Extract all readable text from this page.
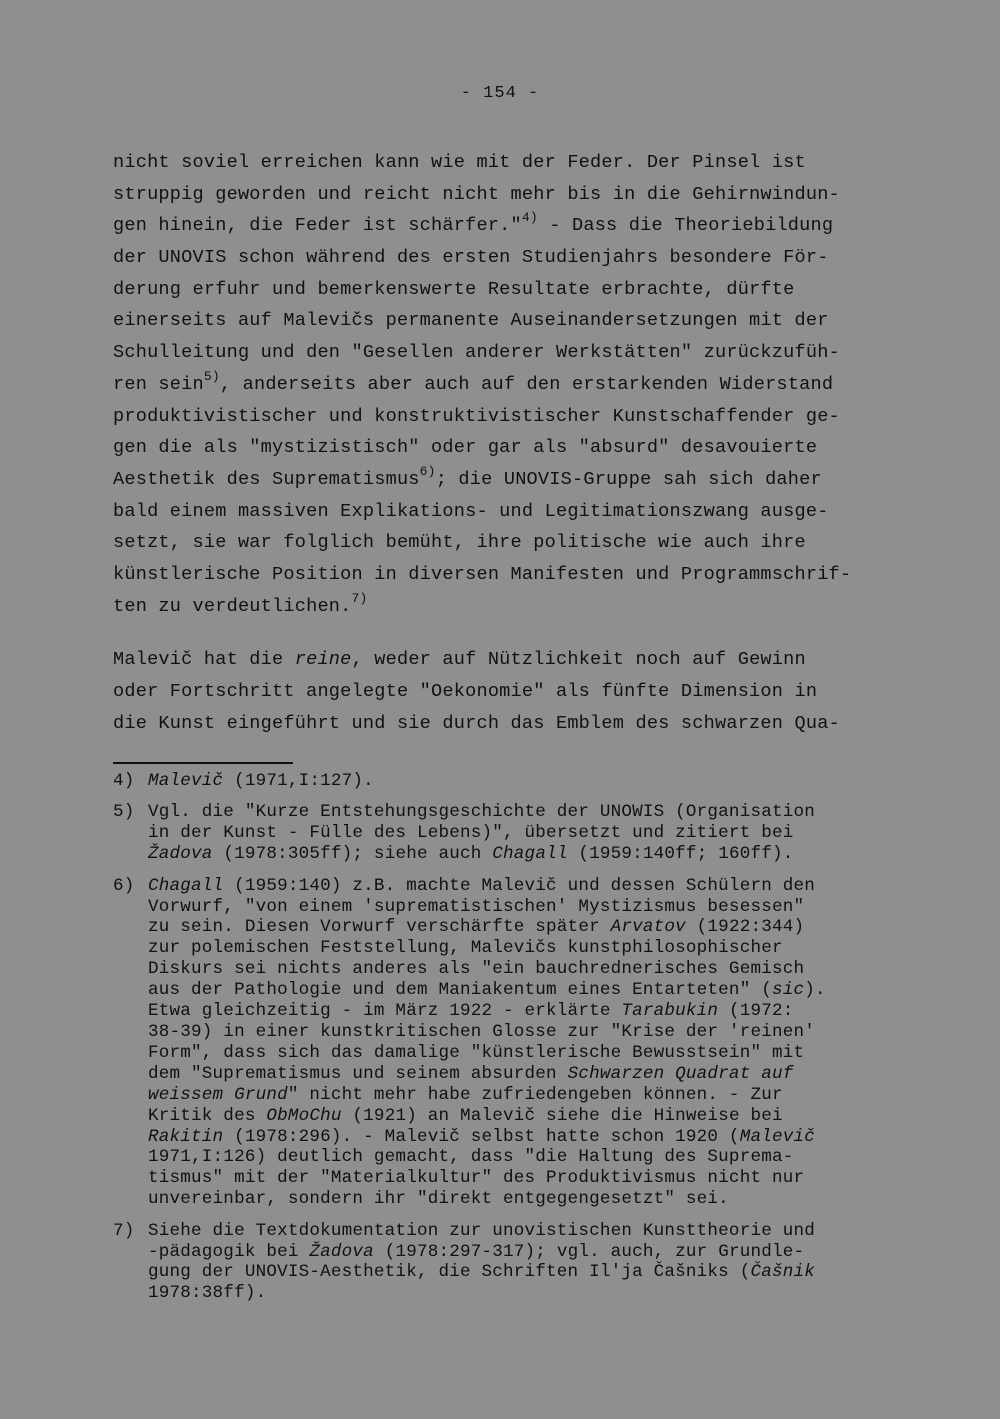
- 154 -
nicht soviel erreichen kann wie mit der Feder. Der Pinsel ist
struppig geworden und reicht nicht mehr bis in die Gehirnwindun-
gen hinein, die Feder ist schärfer."$^{4)}$ - Dass die Theoriebildung
der UNOVIS schon während des ersten Studienjahrs besondere För-
derung erfuhr und bemerkenswerte Resultate erbrachte, dürfte
einerseits auf Malevičs permanente Auseinandersetzungen mit der
Schulleitung und den "Gesellen anderer Werkstätten" zurückzufüh-
ren sein$^{5)}$, anderseits aber auch auf den erstarkenden Widerstand
produktivistischer und konstruktivistischer Kunstschaffender ge-
gen die als "mystizistisch" oder gar als "absurd" desavouierte
Aesthetik des Suprematismus$^{6)}$; die UNOVIS-Gruppe sah sich daher
bald einem massiven Explikations- und Legitimationszwang ausge-
setzt, sie war folglich bemüht, ihre politische wie auch ihre
künstlerische Position in diversen Manifesten und Programmschrif-
ten zu verdeutlichen.$^{7)}$
Malevič hat die reine, weder auf Nützlichkeit noch auf Gewinn
oder Fortschritt angelegte "Oekonomie" als fünfte Dimension in
die Kunst eingeführt und sie durch das Emblem des schwarzen Qua-
4) Malevič (1971,I:127).
5) Vgl. die "Kurze Entstehungsgeschichte der UNOWIS (Organisation
in der Kunst - Fülle des Lebens)", übersetzt und zitiert bei
Žadova (1978:305ff); siehe auch Chagall (1959:140ff; 160ff).
6) Chagall (1959:140) z.B. machte Malevič und dessen Schülern den
Vorwurf, "von einem 'suprematistischen' Mystizismus besessen"
zu sein. Diesen Vorwurf verschärfte später Arvatov (1922:344)
zur polemischen Feststellung, Malevičs kunstphilosophischer
Diskurs sei nichts anderes als "ein bauchrednerisches Gemisch
aus der Pathologie und dem Maniakentum eines Entarteten" (sic).
Etwa gleichzeitig - im März 1922 - erklärte Tarabukin (1972:
38-39) in einer kunstkritischen Glosse zur "Krise der 'reinen'
Form", dass sich das damalige "künstlerische Bewusstsein" mit
dem "Suprematismus und seinem absurden Schwarzen Quadrat auf
weissem Grund" nicht mehr habe zufriedengeben können. - Zur
Kritik des ObMoChu (1921) an Malevič siehe die Hinweise bei
Rakitin (1978:296). - Malevič selbst hatte schon 1920 (Malevič
1971,I:126) deutlich gemacht, dass "die Haltung des Suprema-
tismus" mit der "Materialkultur" des Produktivismus nicht nur
unvereinbar, sondern ihr "direkt entgegengesetzt" sei.
7) Siehe die Textdokumentation zur unovistischen Kunsttheorie und
-pädagogik bei Žadova (1978:297-317); vgl. auch, zur Grundle-
gung der UNOVIS-Aesthetik, die Schriften Il'ja Čašniks (Čašnik
1978:38ff).
